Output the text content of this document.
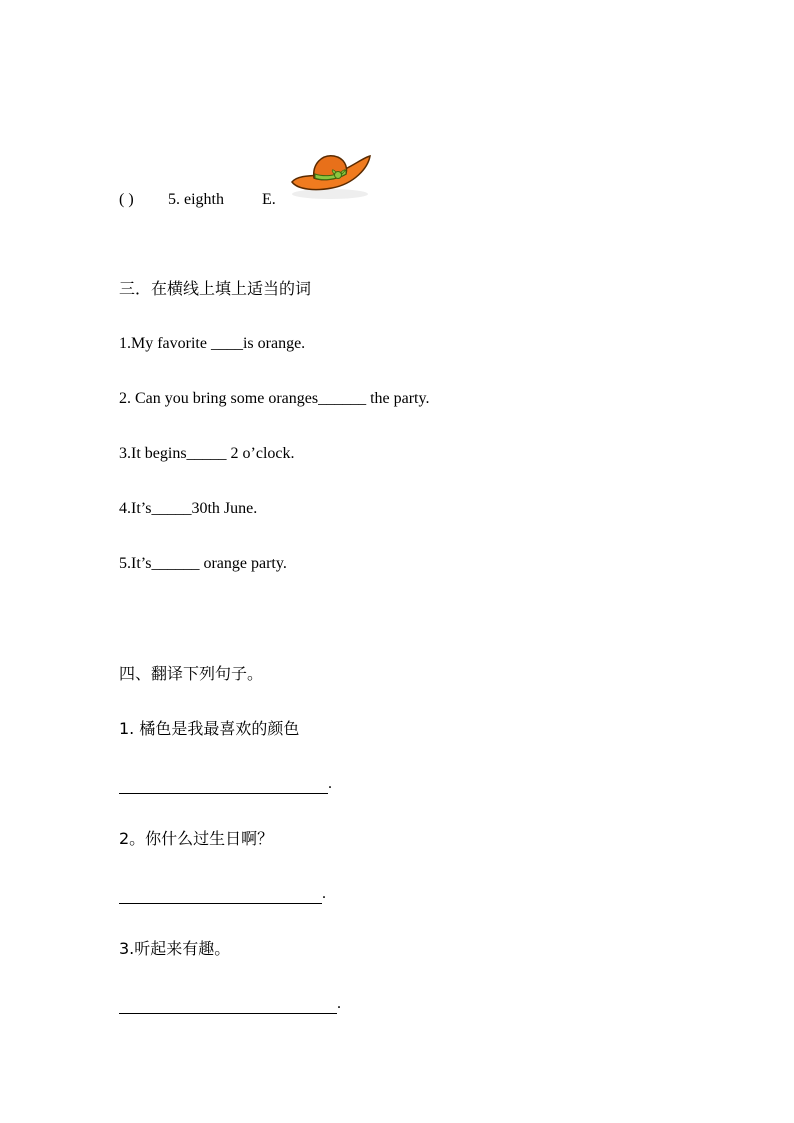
( ) 5. eighth E.
三．在横线上填上适当的词
1.My favorite ____is orange.
2. Can you bring some oranges______ the party.
3.It begins_____ 2 o’clock.
4.It’s_____30th June.
5.It’s______ orange party.
四、翻译下列句子。
1. 橘色是我最喜欢的颜色
.
2。你什么过生日啊？
.
3.听起来有趣。
.
